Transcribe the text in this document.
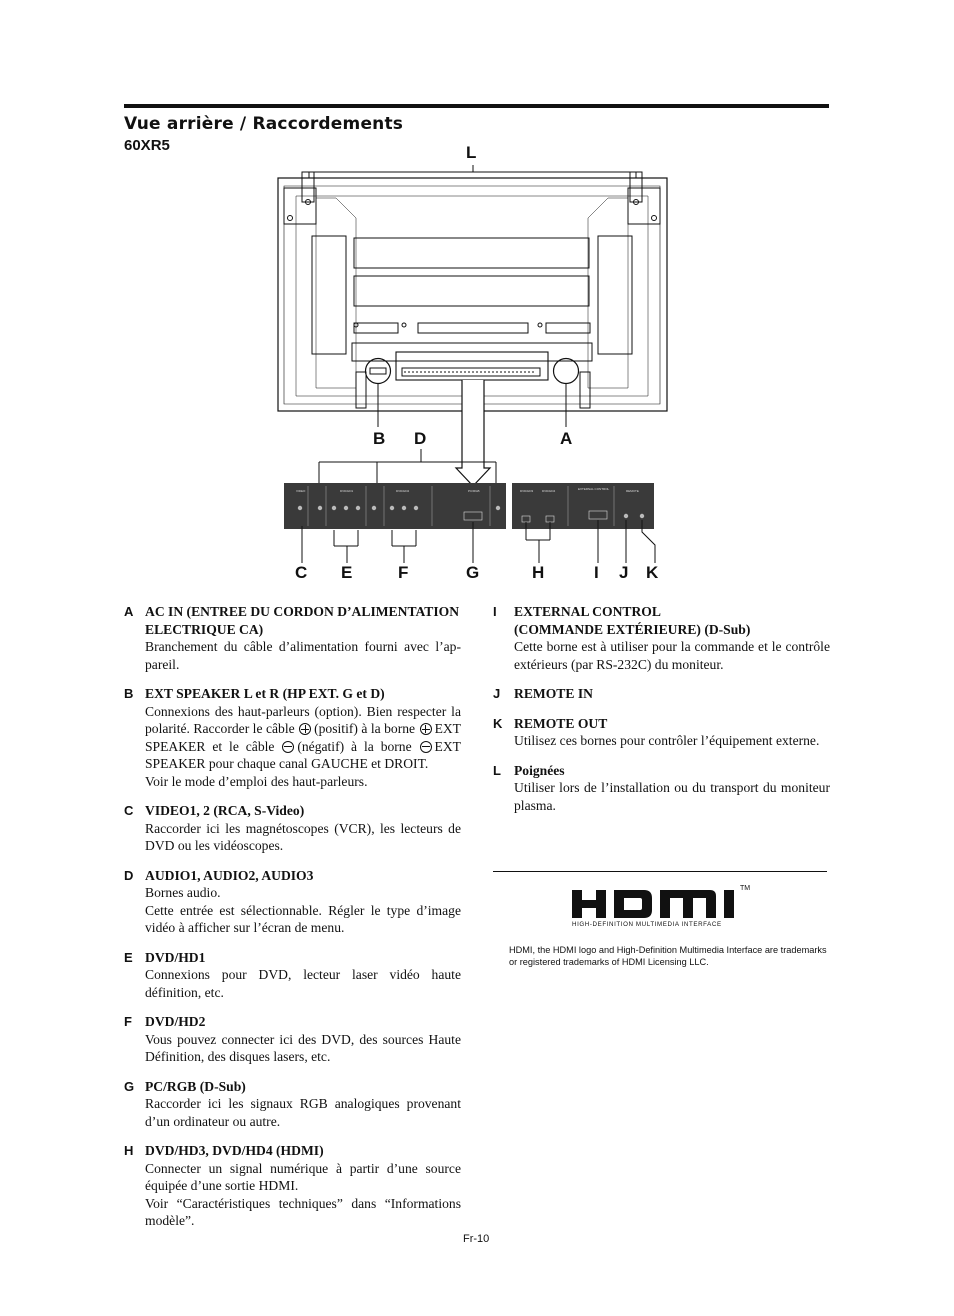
Vue arrière / Raccordements
60XR5
VIDEO	DVD/HD1	DVD/HD2	PC/RGB	DVD/HD3	DVD/HD4	EXTERNAL CONTROL	REMOTE
L
B D	A
C E	F	G	H	I J K
A AC IN (ENTREE DU CORDON D’ALIMENTATION ELECTRIQUE CA)
Branchement du câble d’alimentation fourni avec l’ap-pareil.
B EXT SPEAKER L et R (HP EXT. G et D)
Connexions des haut-parleurs (option). Bien respecter la polarité. Raccorder le câble (positif) à la borne EXT SPEAKER et le câble (négatif) à la borne EXT SPEAKER pour chaque canal GAUCHE et DROIT.
Voir le mode d’emploi des haut-parleurs.
C VIDEO1, 2 (RCA, S-Video)
Raccorder ici les magnétoscopes (VCR), les lecteurs de DVD ou les vidéoscopes.
D AUDIO1, AUDIO2, AUDIO3
Bornes audio.
Cette entrée est sélectionnable. Régler le type d’image vidéo à afficher sur l’écran de menu.
E DVD/HD1
Connexions pour DVD, lecteur laser vidéo haute définition, etc.
F DVD/HD2
Vous pouvez connecter ici des DVD, des sources Haute Définition, des disques lasers, etc.
G PC/RGB (D-Sub)
Raccorder ici les signaux RGB analogiques provenant d’un ordinateur ou autre.
H DVD/HD3, DVD/HD4 (HDMI)
Connecter un signal numérique à partir d’une source équipée d’une sortie HDMI.
Voir “Caractéristiques techniques” dans “Informations modèle”.
I EXTERNAL CONTROL
(COMMANDE EXTÉRIEURE) (D-Sub)
Cette borne est à utiliser pour la commande et le contrôle extérieurs (par RS-232C) du moniteur.
J REMOTE IN
K REMOTE OUT
Utilisez ces bornes pour contrôler l’équipement externe.
L Poignées
Utiliser lors de l’installation ou du transport du moniteur plasma.
TM
HIGH-DEFINITION MULTIMEDIA INTERFACE
HDMI, the HDMI logo and High-Definition Multimedia Interface are trademarks or registered trademarks of HDMI Licensing LLC.
Fr-10
